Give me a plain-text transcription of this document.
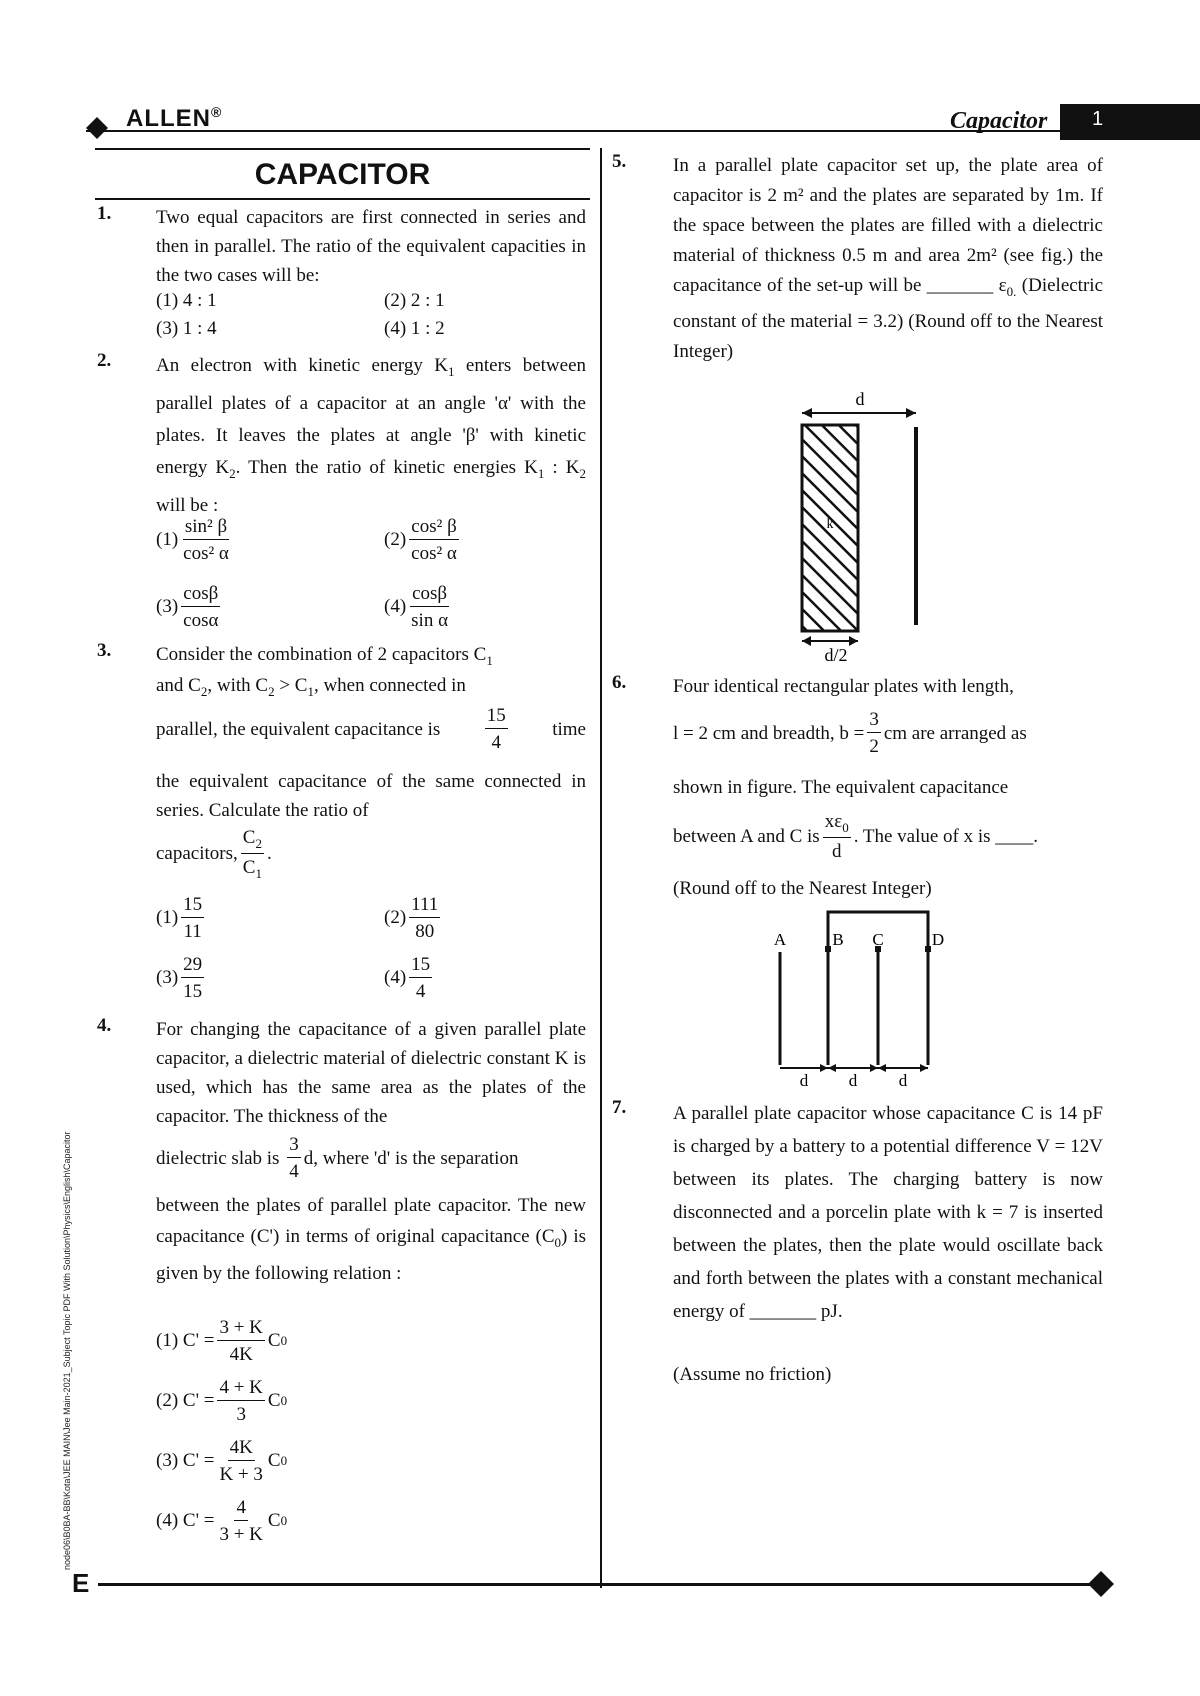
ALLEN®	Capacitor 1
node06\B0BA-BB\Kota\JEE MAIN\Jee Main-2021_Subject Topic PDF With Solution\Physics\English\Capacitor
CAPACITOR
1. Two equal capacitors are first connected in series and then in parallel. The ratio of the equivalent capacities in the two cases will be:
(1) 4 : 1	(2) 2 : 1
(3) 1 : 4	(4) 1 : 2
2. An electron with kinetic energy $K_1$ enters between parallel plates of a capacitor at an angle 'α' with the plates. It leaves the plates at angle 'β' with kinetic energy $K_2$. Then the ratio of kinetic energies $K_1$ : $K_2$ will be :
$(1) \frac{\text{sin² β}}{\text{cos² α}}$	$(2) \frac{\text{cos² β}}{\text{cos² α}}$
$(3) \frac{\cos\beta}{\cos\alpha}$	$(4) \frac{\cos\beta}{\text{sin α}}$
3. Consider the combination of 2 capacitors $C_1$
and $C_2$, with $C_2 > C_1$, when connected in
parallel, the equivalent capacitance is $\frac{15}{4}$ time
the equivalent capacitance of the same connected in series. Calculate the ratio of
capacitors, $\frac{C_2}{C_1}$ .
$(1) \frac{15}{11}$	$(2) \frac{111}{80}$
$(3) \frac{29}{15}$	$(4) \frac{15}{4}$
4. For changing the capacitance of a given parallel plate capacitor, a dielectric material of dielectric constant K is used, which has the same area as the plates of the capacitor. The thickness of the
dielectric slab is
$\frac{3}{4} d$, where 'd' is the separation
between the plates of parallel plate capacitor. The new capacitance (C') in terms of original capacitance $(C_0)$ is given by the following relation :
(1) $C' = \frac{3 + K}{4K}$ C 0
(2) $C' = \frac{4 + K}{3}$ C 0
(3) $C' = \frac{4K}{K + 3}$ C 0
(4) $C' = \frac{4}{3 + K}$ C 0
5. In a parallel plate capacitor set up, the plate area of capacitor is 2 m² and the plates are separated by 1m. If the space between the plates are filled with a dielectric material of thickness 0.5 m and area 2m² (see fig.) the capacitance of the set-up will be _______ $\varepsilon_{0.}$ (Dielectric constant of the material = 3.2) (Round off to the Nearest Integer)
d
k
d/2
6. Four identical rectangular plates with length,
l = 2 cm and breadth, $b = \frac{3}{2}$ cm are arranged as
shown in figure. The equivalent capacitance
between A and C is $\frac{x\varepsilon_0}{d}$ . The value of x is ____.
(Round off to the Nearest Integer)
A	B C	D
d d d
7. A parallel plate capacitor whose capacitance C is 14 pF is charged by a battery to a potential difference V = 12V between its plates. The charging battery is now disconnected and a porcelin plate with k = 7 is inserted between the plates, then the plate would oscillate back and forth between the plates with a constant mechanical energy of _______ pJ.
(Assume no friction)
E
